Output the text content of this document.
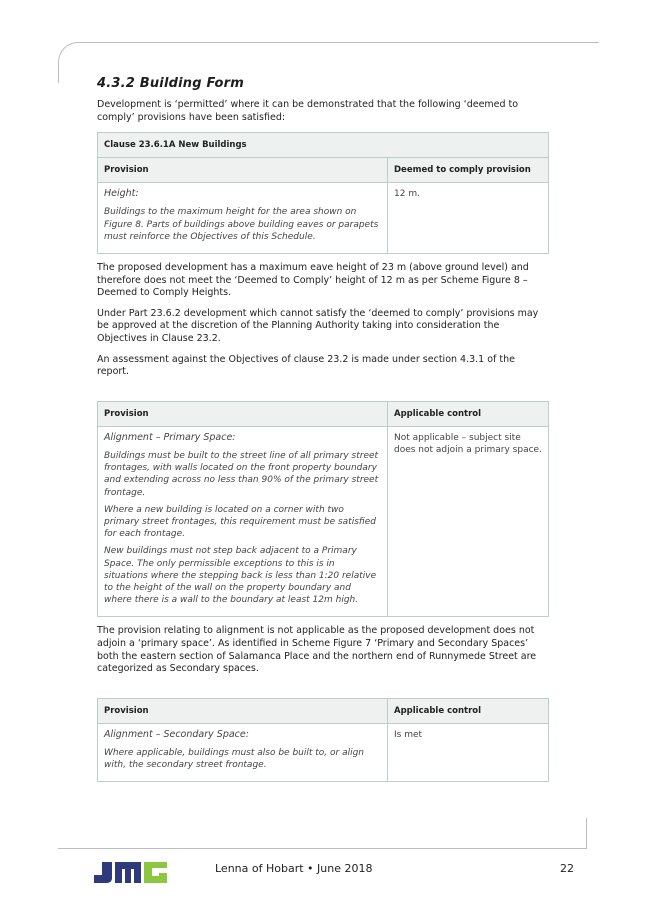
4.3.2 Building Form

Development is ‘permitted’ where it can be demonstrated that the following ‘deemed to comply’ provisions have been satisfied:

Clause 23.6.1A New Buildings	
Provision	Deemed to comply provision

Height:

Buildings to the maximum height for the area shown on Figure 8. Parts of buildings above building eaves or parapets must reinforce the Objectives of this Schedule.	12 m.

The proposed development has a maximum eave height of 23 m (above ground level) and therefore does not meet the ‘Deemed to Comply’ height of 12 m as per Scheme Figure 8 – Deemed to Comply Heights.

Under Part 23.6.2 development which cannot satisfy the ‘deemed to comply’ provisions may be approved at the discretion of the Planning Authority taking into consideration the Objectives in Clause 23.2.

An assessment against the Objectives of clause 23.2 is made under section 4.3.1 of the report.

Provision	Applicable control

Alignment – Primary Space:

Buildings must be built to the street line of all primary street frontages, with walls located on the front property boundary and extending across no less than 90% of the primary street frontage.

Where a new building is located on a corner with two primary street frontages, this requirement must be satisfied for each frontage.

New buildings must not step back adjacent to a Primary Space. The only permissible exceptions to this is in situations where the stepping back is less than 1:20 relative to the height of the wall on the property boundary and where there is a wall to the boundary at least 12m high.	Not applicable – subject site does not adjoin a primary space.

The provision relating to alignment is not applicable as the proposed development does not adjoin a ‘primary space’. As identified in Scheme Figure 7 ‘Primary and Secondary Spaces’ both the eastern section of Salamanca Place and the northern end of Runnymede Street are categorized as Secondary spaces.

Provision	Applicable control

Alignment – Secondary Space:

Where applicable, buildings must also be built to, or align with, the secondary street frontage.	Is met
Lenna of Hobart • June 2018	22
